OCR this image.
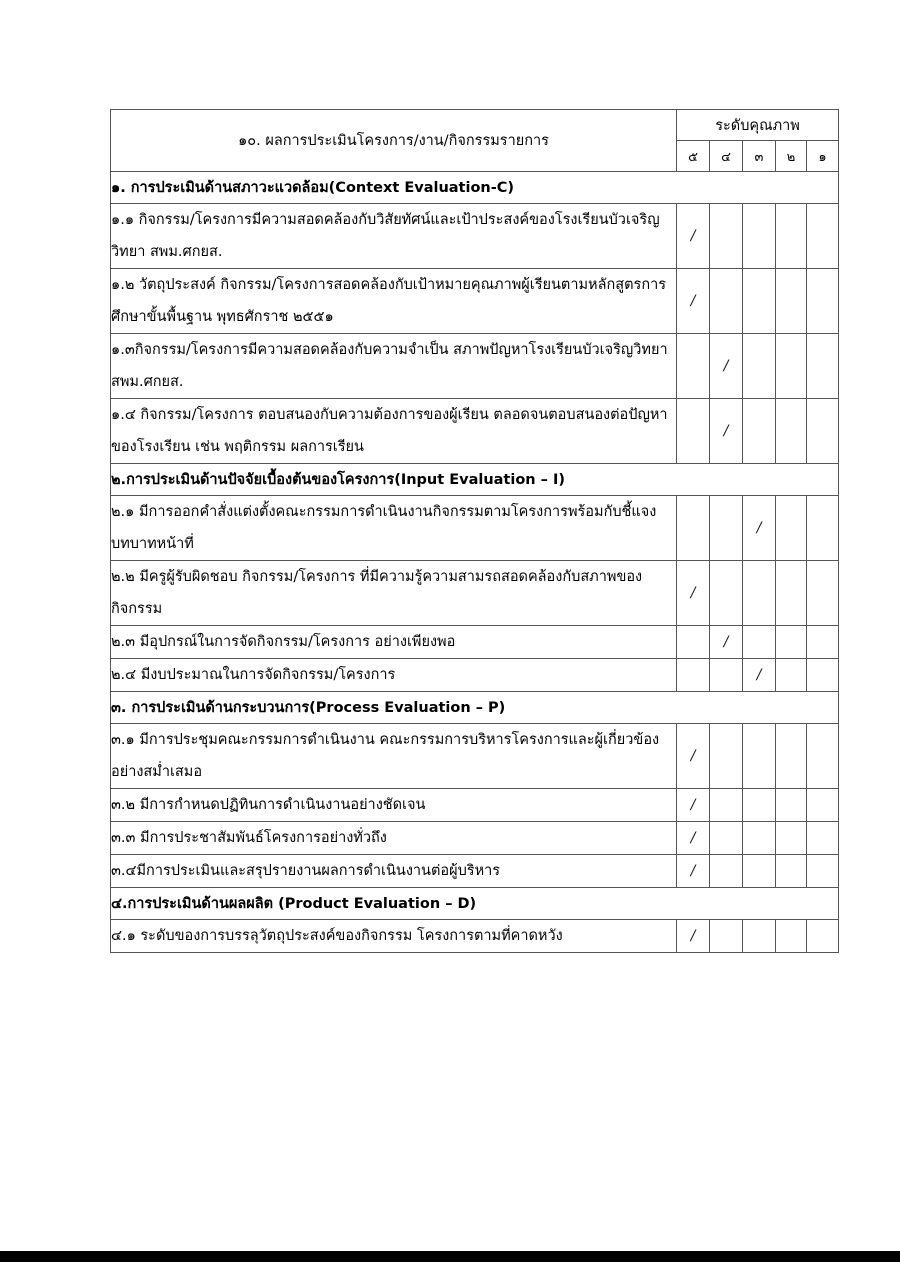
๑๐. ผลการประเมินโครงการ/งาน/กิจกรรมรายการ	ระดับคุณภาพ				
	๕	๔	๓	๒	๑
๑. การประเมินด้านสภาวะแวดล้อม(Context Evaluation-C)					
๑.๑ กิจกรรม/โครงการมีความสอดคล้องกับวิสัยทัศน์และเป้าประสงค์ของโรงเรียนบัวเจริญวิทยา สพม.ศกยส.	/				
๑.๒ วัตถุประสงค์ กิจกรรม/โครงการสอดคล้องกับเป้าหมายคุณภาพผู้เรียนตามหลักสูตรการศึกษาขั้นพื้นฐาน พุทธศักราช ๒๕๕๑	/				
๑.๓กิจกรรม/โครงการมีความสอดคล้องกับความจำเป็น สภาพปัญหาโรงเรียนบัวเจริญวิทยา สพม.ศกยส.		/			
๑.๔ กิจกรรม/โครงการ ตอบสนองกับความต้องการของผู้เรียน ตลอดจนตอบสนองต่อปัญหาของโรงเรียน เช่น พฤติกรรม ผลการเรียน		/			
๒.การประเมินด้านปัจจัยเบื้องต้นของโครงการ(Input Evaluation – I)					
๒.๑ มีการออกคำสั่งแต่งตั้งคณะกรรมการดำเนินงานกิจกรรมตามโครงการพร้อมกับชี้แจงบทบาทหน้าที่			/		
๒.๒ มีครูผู้รับผิดชอบ กิจกรรม/โครงการ ที่มีความรู้ความสามรถสอดคล้องกับสภาพของกิจกรรม	/				
๒.๓ มีอุปกรณ์ในการจัดกิจกรรม/โครงการ อย่างเพียงพอ		/			
๒.๔ มีงบประมาณในการจัดกิจกรรม/โครงการ			/		
๓. การประเมินด้านกระบวนการ(Process Evaluation – P)					
๓.๑ มีการประชุมคณะกรรมการดำเนินงาน คณะกรรมการบริหารโครงการและผู้เกี่ยวข้องอย่างสม่ำเสมอ	/				
๓.๒ มีการกำหนดปฏิทินการดำเนินงานอย่างชัดเจน	/				
๓.๓ มีการประชาสัมพันธ์โครงการอย่างทั่วถึง	/				
๓.๔มีการประเมินและสรุปรายงานผลการดำเนินงานต่อผู้บริหาร	/				
๔.การประเมินด้านผลผลิต (Product Evaluation – D)					
๔.๑ ระดับของการบรรลุวัตถุประสงค์ของกิจกรรม โครงการตามที่คาดหวัง	/				
